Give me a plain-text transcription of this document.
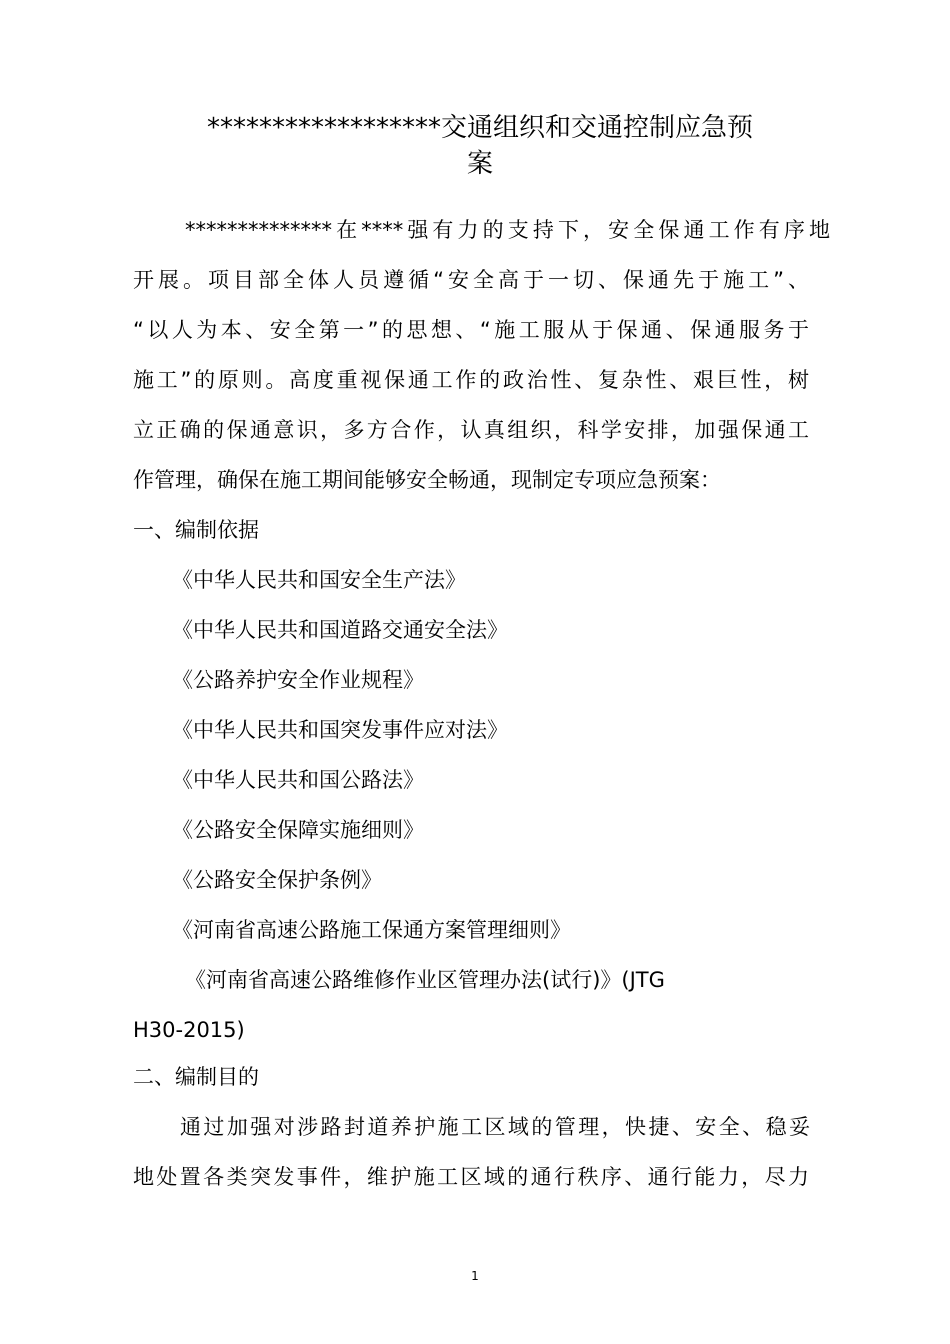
******************交通组织和交通控制应急预
案

**************在****强有力的支持下，安全保通工作有序地

开展。项目部全体人员遵循“安全高于一切、保通先于施工”、

“以人为本、安全第一”的思想、“施工服从于保通、保通服务于

施工”的原则。高度重视保通工作的政治性、复杂性、艰巨性，树

立正确的保通意识，多方合作，认真组织，科学安排，加强保通工

作管理，确保在施工期间能够安全畅通，现制定专项应急预案：

一、编制依据

《中华人民共和国安全生产法》

《中华人民共和国道路交通安全法》

《公路养护安全作业规程》

《中华人民共和国突发事件应对法》

《中华人民共和国公路法》

《公路安全保障实施细则》

《公路安全保护条例》

《河南省高速公路施工保通方案管理细则》

《河南省高速公路维修作业区管理办法(试行)》(JTG

H30-2015)

二、编制目的

通过加强对涉路封道养护施工区域的管理，快捷、安全、稳妥

地处置各类突发事件，维护施工区域的通行秩序、通行能力，尽力

1
